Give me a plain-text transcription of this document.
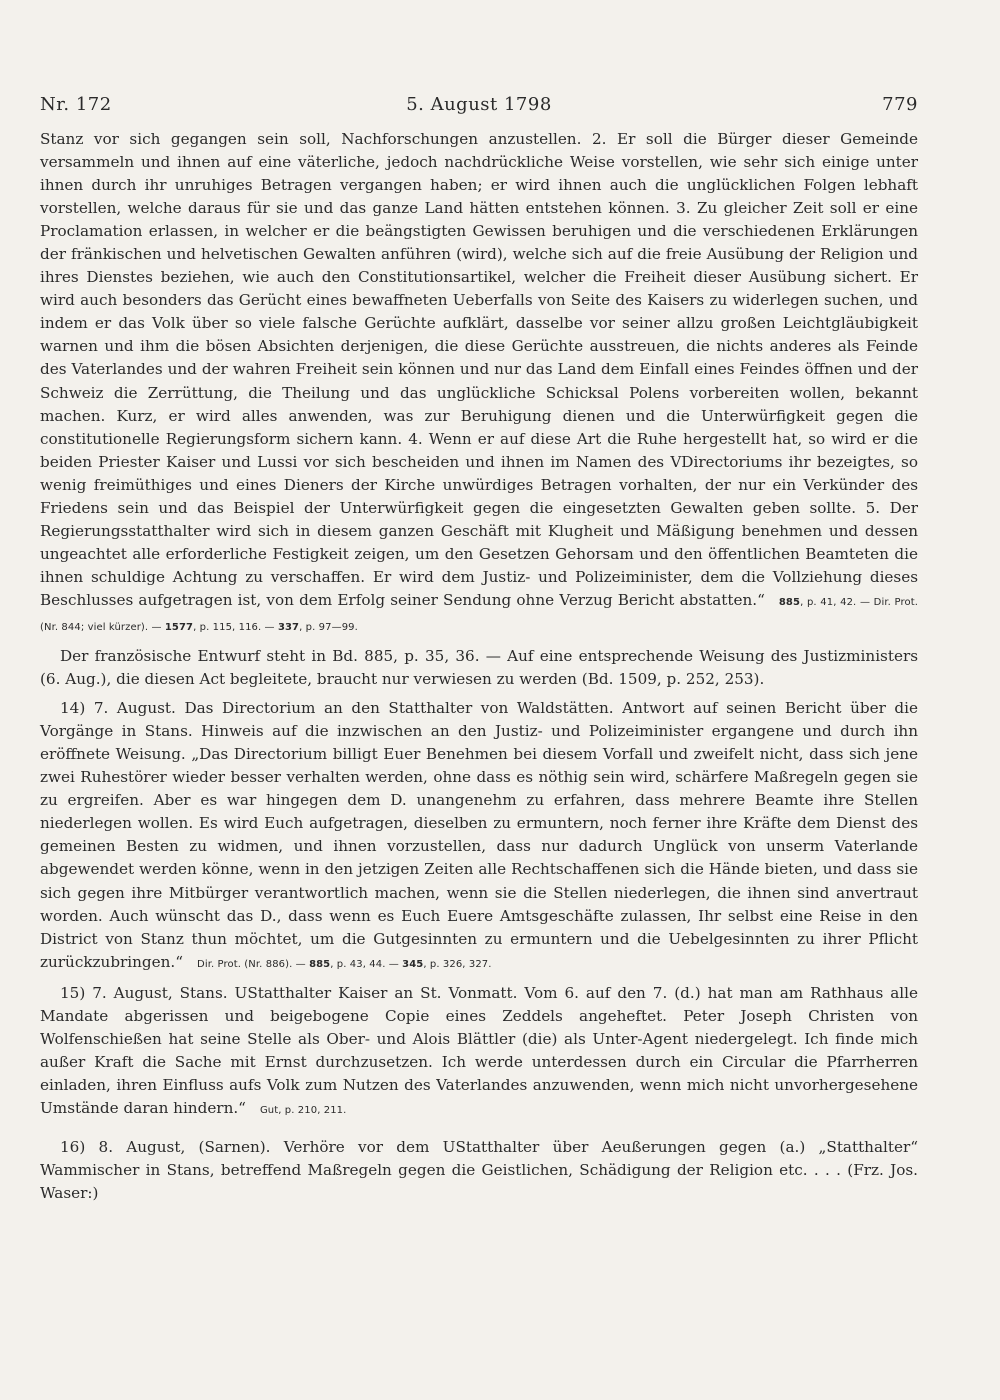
Nr. 172	5. August 1798	779

Stanz vor sich gegangen sein soll, Nachforschungen anzustellen. 2. Er soll die Bürger dieser Gemeinde versammeln und ihnen auf eine väterliche, jedoch nachdrückliche Weise vorstellen, wie sehr sich einige unter ihnen durch ihr unruhiges Betragen vergangen haben; er wird ihnen auch die unglücklichen Folgen lebhaft vorstellen, welche daraus für sie und das ganze Land hätten entstehen können. 3. Zu gleicher Zeit soll er eine Proclamation erlassen, in welcher er die beängstigten Gewissen beruhigen und die verschiedenen Erklärungen der fränkischen und helvetischen Gewalten anführen (wird), welche sich auf die freie Ausübung der Religion und ihres Dienstes beziehen, wie auch den Constitutionsartikel, welcher die Freiheit dieser Ausübung sichert. Er wird auch besonders das Gerücht eines bewaffneten Ueberfalls von Seite des Kaisers zu widerlegen suchen, und indem er das Volk über so viele falsche Gerüchte aufklärt, dasselbe vor seiner allzu großen Leichtgläubigkeit warnen und ihm die bösen Absichten derjenigen, die diese Gerüchte ausstreuen, die nichts anderes als Feinde des Vaterlandes und der wahren Freiheit sein können und nur das Land dem Einfall eines Feindes öffnen und der Schweiz die Zerrüttung, die Theilung und das unglückliche Schicksal Polens vorbereiten wollen, bekannt machen. Kurz, er wird alles anwenden, was zur Beruhigung dienen und die Unterwürfigkeit gegen die constitutionelle Regierungsform sichern kann. 4. Wenn er auf diese Art die Ruhe hergestellt hat, so wird er die beiden Priester Kaiser und Lussi vor sich bescheiden und ihnen im Namen des VDirectoriums ihr bezeigtes, so wenig freimüthiges und eines Dieners der Kirche unwürdiges Betragen vorhalten, der nur ein Verkünder des Friedens sein und das Beispiel der Unterwürfigkeit gegen die eingesetzten Gewalten geben sollte. 5. Der Regierungsstatthalter wird sich in diesem ganzen Geschäft mit Klugheit und Mäßigung benehmen und dessen ungeachtet alle erforderliche Festigkeit zeigen, um den Gesetzen Gehorsam und den öffentlichen Beamteten die ihnen schuldige Achtung zu verschaffen. Er wird dem Justiz- und Polizeiminister, dem die Vollziehung dieses Beschlusses aufgetragen ist, von dem Erfolg seiner Sendung ohne Verzug Bericht abstatten.“ 885, p. 41, 42. — Dir. Prot. (Nr. 844; viel kürzer). — 1577, p. 115, 116. — 337, p. 97—99.

Der französische Entwurf steht in Bd. 885, p. 35, 36. — Auf eine entsprechende Weisung des Justizministers (6. Aug.), die diesen Act begleitete, braucht nur verwiesen zu werden (Bd. 1509, p. 252, 253).

14) 7. August. Das Directorium an den Statthalter von Waldstätten. Antwort auf seinen Bericht über die Vorgänge in Stans. Hinweis auf die inzwischen an den Justiz- und Polizeiminister ergangene und durch ihn eröffnete Weisung. „Das Directorium billigt Euer Benehmen bei diesem Vorfall und zweifelt nicht, dass sich jene zwei Ruhestörer wieder besser verhalten werden, ohne dass es nöthig sein wird, schärfere Maßregeln gegen sie zu ergreifen. Aber es war hingegen dem D. unangenehm zu erfahren, dass mehrere Beamte ihre Stellen niederlegen wollen. Es wird Euch aufgetragen, dieselben zu ermuntern, noch ferner ihre Kräfte dem Dienst des gemeinen Besten zu widmen, und ihnen vorzustellen, dass nur dadurch Unglück von unserm Vaterlande abgewendet werden könne, wenn in den jetzigen Zeiten alle Rechtschaffenen sich die Hände bieten, und dass sie sich gegen ihre Mitbürger verantwortlich machen, wenn sie die Stellen niederlegen, die ihnen sind anvertraut worden. Auch wünscht das D., dass wenn es Euch Euere Amtsgeschäfte zulassen, Ihr selbst eine Reise in den District von Stanz thun möchtet, um die Gutgesinnten zu ermuntern und die Uebelgesinnten zu ihrer Pflicht zurückzubringen.“ Dir. Prot. (Nr. 886). — 885, p. 43, 44. — 345, p. 326, 327.

15) 7. August, Stans. UStatthalter Kaiser an St. Vonmatt. Vom 6. auf den 7. (d.) hat man am Rathhaus alle Mandate abgerissen und beigebogene Copie eines Zeddels angeheftet. Peter Joseph Christen von Wolfenschießen hat seine Stelle als Ober- und Alois Blättler (die) als Unter-Agent niedergelegt. Ich finde mich außer Kraft die Sache mit Ernst durchzusetzen. Ich werde unterdessen durch ein Circular die Pfarrherren einladen, ihren Einfluss aufs Volk zum Nutzen des Vaterlandes anzuwenden, wenn mich nicht unvorhergesehene Umstände daran hindern.“ Gut, p. 210, 211.

16) 8. August, (Sarnen). Verhöre vor dem UStatthalter über Aeußerungen gegen (a.) „Statthalter“ Wammischer in Stans, betreffend Maßregeln gegen die Geistlichen, Schädigung der Religion etc. . . . (Frz. Jos. Waser:)
